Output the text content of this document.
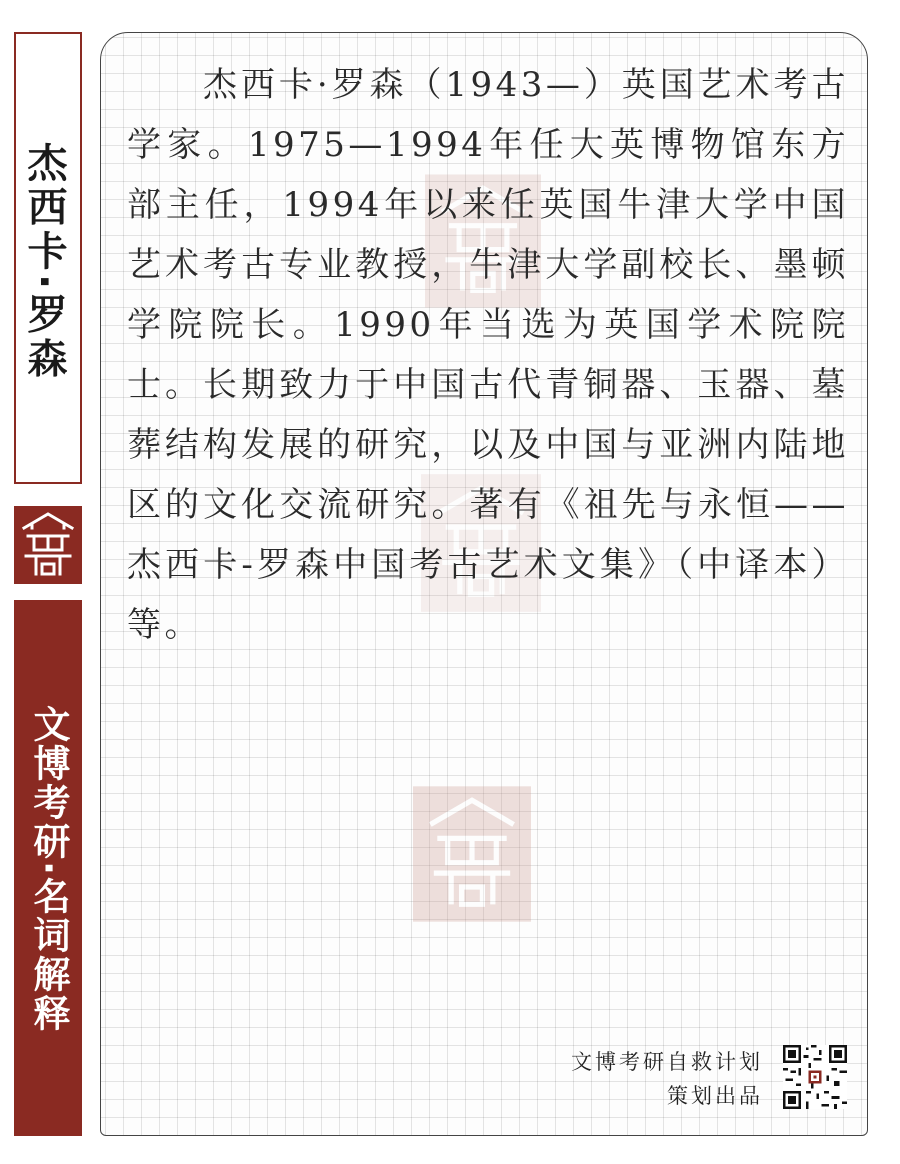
杰西卡·罗森
文博考研·名词解释

杰西卡·罗森（1943—）英国艺术考古学家。1975—1994年任大英博物馆东方部主任，1994年以来任英国牛津大学中国艺术考古专业教授，牛津大学副校长、墨顿学院院长。1990年当选为英国学术院院士。长期致力于中国古代青铜器、玉器、墓葬结构发展的研究，以及中国与亚洲内陆地区的文化交流研究。著有《祖先与永恒——杰西卡-罗森中国考古艺术文集》（中译本）等。

文博考研自救计划
策划出品
